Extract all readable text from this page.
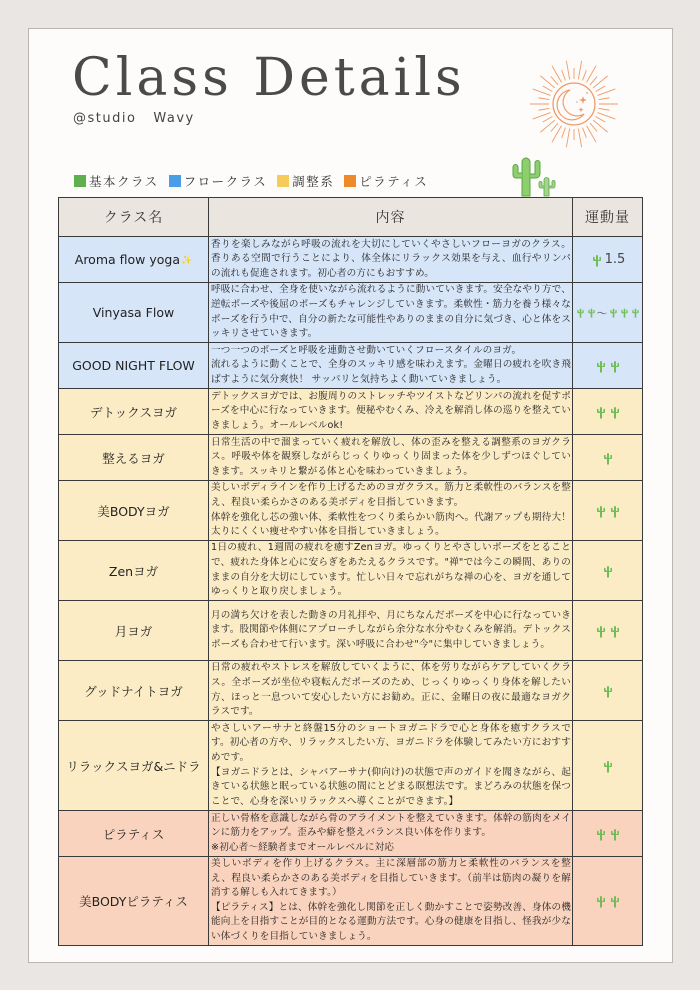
Class Details
@studio   Wavy
基本クラス フロークラス 調整系 ピラティス
クラス名	内容	運動量
Aroma flow yoga✨	香りを楽しみながら呼吸の流れを大切にしていくやさしいフローヨガのクラス。香りある空間で行うことにより、体全体にリラックス効果を与え、血行やリンパの流れも促進されます。初心者の方にもおすすめ。	1.5
Vinyasa Flow	呼吸に合わせ、全身を使いながら流れるように動いていきます。安全なやり方で、逆転ポーズや後屈のポーズもチャレンジしていきます。柔軟性・筋力を養う様々なポーズを行う中で、自分の新たな可能性やありのままの自分に気づき、心と体をスッキリさせていきます。	〜
GOOD NIGHT FLOW	一つ一つのポーズと呼吸を連動させ動いていくフロースタイルのヨガ。
流れるように動くことで、全身のスッキリ感を味わえます。金曜日の疲れを吹き飛ばすように気分爽快！ サッパリと気持ちよく動いていきましょう。	
デトックスヨガ	デトックスヨガでは、お腹周りのストレッチやツイストなどリンパの流れを促すポーズを中心に行なっていきます。便秘やむくみ、冷えを解消し体の巡りを整えていきましょう。オールレベルok!	
整えるヨガ	日常生活の中で溜まっていく疲れを解放し、体の歪みを整える調整系のヨガクラス。呼吸や体を観察しながらじっくりゆっくり固まった体を少しずつほぐしていきます。スッキリと繋がる体と心を味わっていきましょう。	
美BODYヨガ	美しいボディラインを作り上げるためのヨガクラス。筋力と柔軟性のバランスを整え、程良い柔らかさのある美ボディを目指していきます。
体幹を強化し芯の強い体、柔軟性をつくり柔らかい筋肉へ。代謝アップも期待大！ 太りにくくい痩せやすい体を目指していきましょう。	
Zenヨガ	1日の疲れ、1週間の疲れを癒すZenヨガ。ゆっくりとやさしいポーズをとることで、疲れた身体と心に安らぎをあたえるクラスです。"禅"では今この瞬間、ありのままの自分を大切にしています。忙しい日々で忘れがちな禅の心を、ヨガを通してゆっくりと取り戻しましょう。	
月ヨガ	月の満ち欠けを表した動きの月礼拝や、月にちなんだポーズを中心に行なっていきます。股関節や体側にアプローチしながら余分な水分やむくみを解消。デトックスポーズも合わせて行います。深い呼吸に合わせ"今"に集中していきましょう。	
グッドナイトヨガ	日常の疲れやストレスを解放していくように、体を労りながらケアしていくクラス。全ポーズが坐位や寝転んだポーズのため、じっくりゆっくり身体を解したい方、ほっと一息ついて安心したい方にお勧め。正に、金曜日の夜に最適なヨガクラスです。	
リラックスヨガ&ニドラ	やさしいアーサナと終盤15分のショートヨガニドラで心と身体を癒すクラスです。初心者の方や、リラックスしたい方、ヨガニドラを体験してみたい方におすすめです。
【ヨガニドラとは、シャバアーサナ(仰向け)の状態で声のガイドを聞きながら、起きている状態と眠っている状態の間にとどまる瞑想法です。まどろみの状態を保つことで、心身を深いリラックスへ導くことができます。】	
ピラティス	正しい骨格を意識しながら骨のアライメントを整えていきます。体幹の筋肉をメインに筋力をアップ。歪みや癖を整えバランス良い体を作ります。
※初心者〜経験者までオールレベルに対応	
美BODYピラティス	美しいボディを作り上げるクラス。主に深層部の筋力と柔軟性のバランスを整え、程良い柔らかさのある美ボディを目指していきます。（前半は筋肉の凝りを解消する解しも入れてきます。）
【ピラティス】とは、体幹を強化し関節を正しく動かすことで姿勢改善、身体の機能向上を目指すことが目的となる運動方法です。心身の健康を目指し、怪我が少ない体づくりを目指していきましょう。	
